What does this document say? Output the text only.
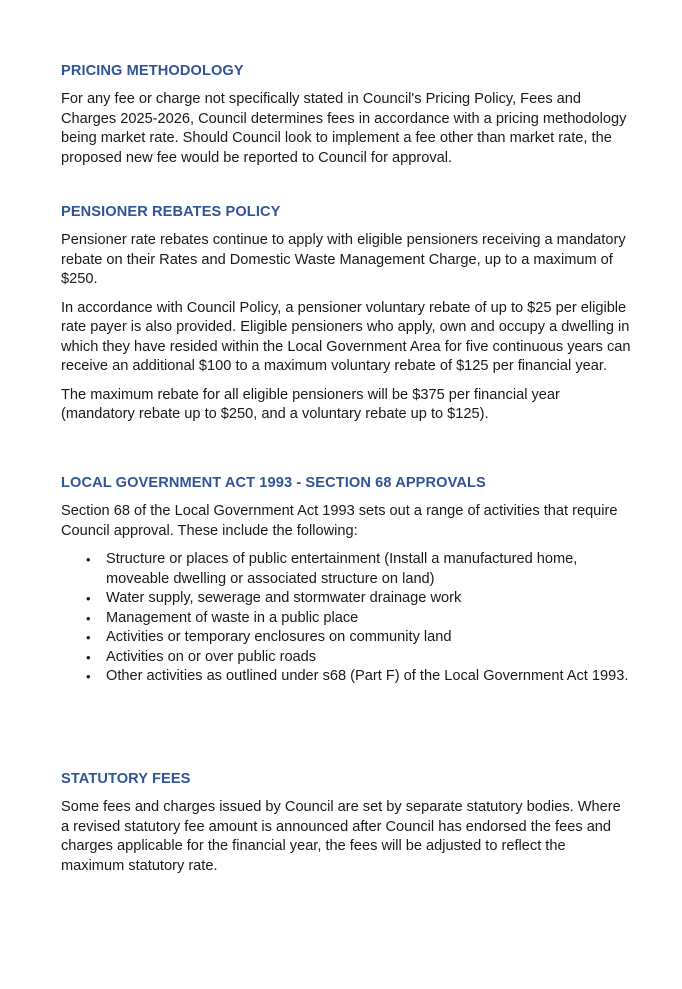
PRICING METHODOLOGY

For any fee or charge not specifically stated in Council's Pricing Policy, Fees and Charges 2025-2026, Council determines fees in accordance with a pricing methodology being market rate. Should Council look to implement a fee other than market rate, the proposed new fee would be reported to Council for approval.

PENSIONER REBATES POLICY

Pensioner rate rebates continue to apply with eligible pensioners receiving a mandatory rebate on their Rates and Domestic Waste Management Charge, up to a maximum of $250.

In accordance with Council Policy, a pensioner voluntary rebate of up to $25 per eligible rate payer is also provided. Eligible pensioners who apply, own and occupy a dwelling in which they have resided within the Local Government Area for five continuous years can receive an additional $100 to a maximum voluntary rebate of $125 per financial year.

The maximum rebate for all eligible pensioners will be $375 per financial year (mandatory rebate up to $250, and a voluntary rebate up to $125).

LOCAL GOVERNMENT ACT 1993 - SECTION 68 APPROVALS

Section 68 of the Local Government Act 1993 sets out a range of activities that require Council approval. These include the following:

• Structure or places of public entertainment (Install a manufactured home, moveable dwelling or associated structure on land)
• Water supply, sewerage and stormwater drainage work
• Management of waste in a public place
• Activities or temporary enclosures on community land
• Activities on or over public roads
• Other activities as outlined under s68 (Part F) of the Local Government Act 1993.
STATUTORY FEES

Some fees and charges issued by Council are set by separate statutory bodies. Where a revised statutory fee amount is announced after Council has endorsed the fees and charges applicable for the financial year, the fees will be adjusted to reflect the maximum statutory rate.
